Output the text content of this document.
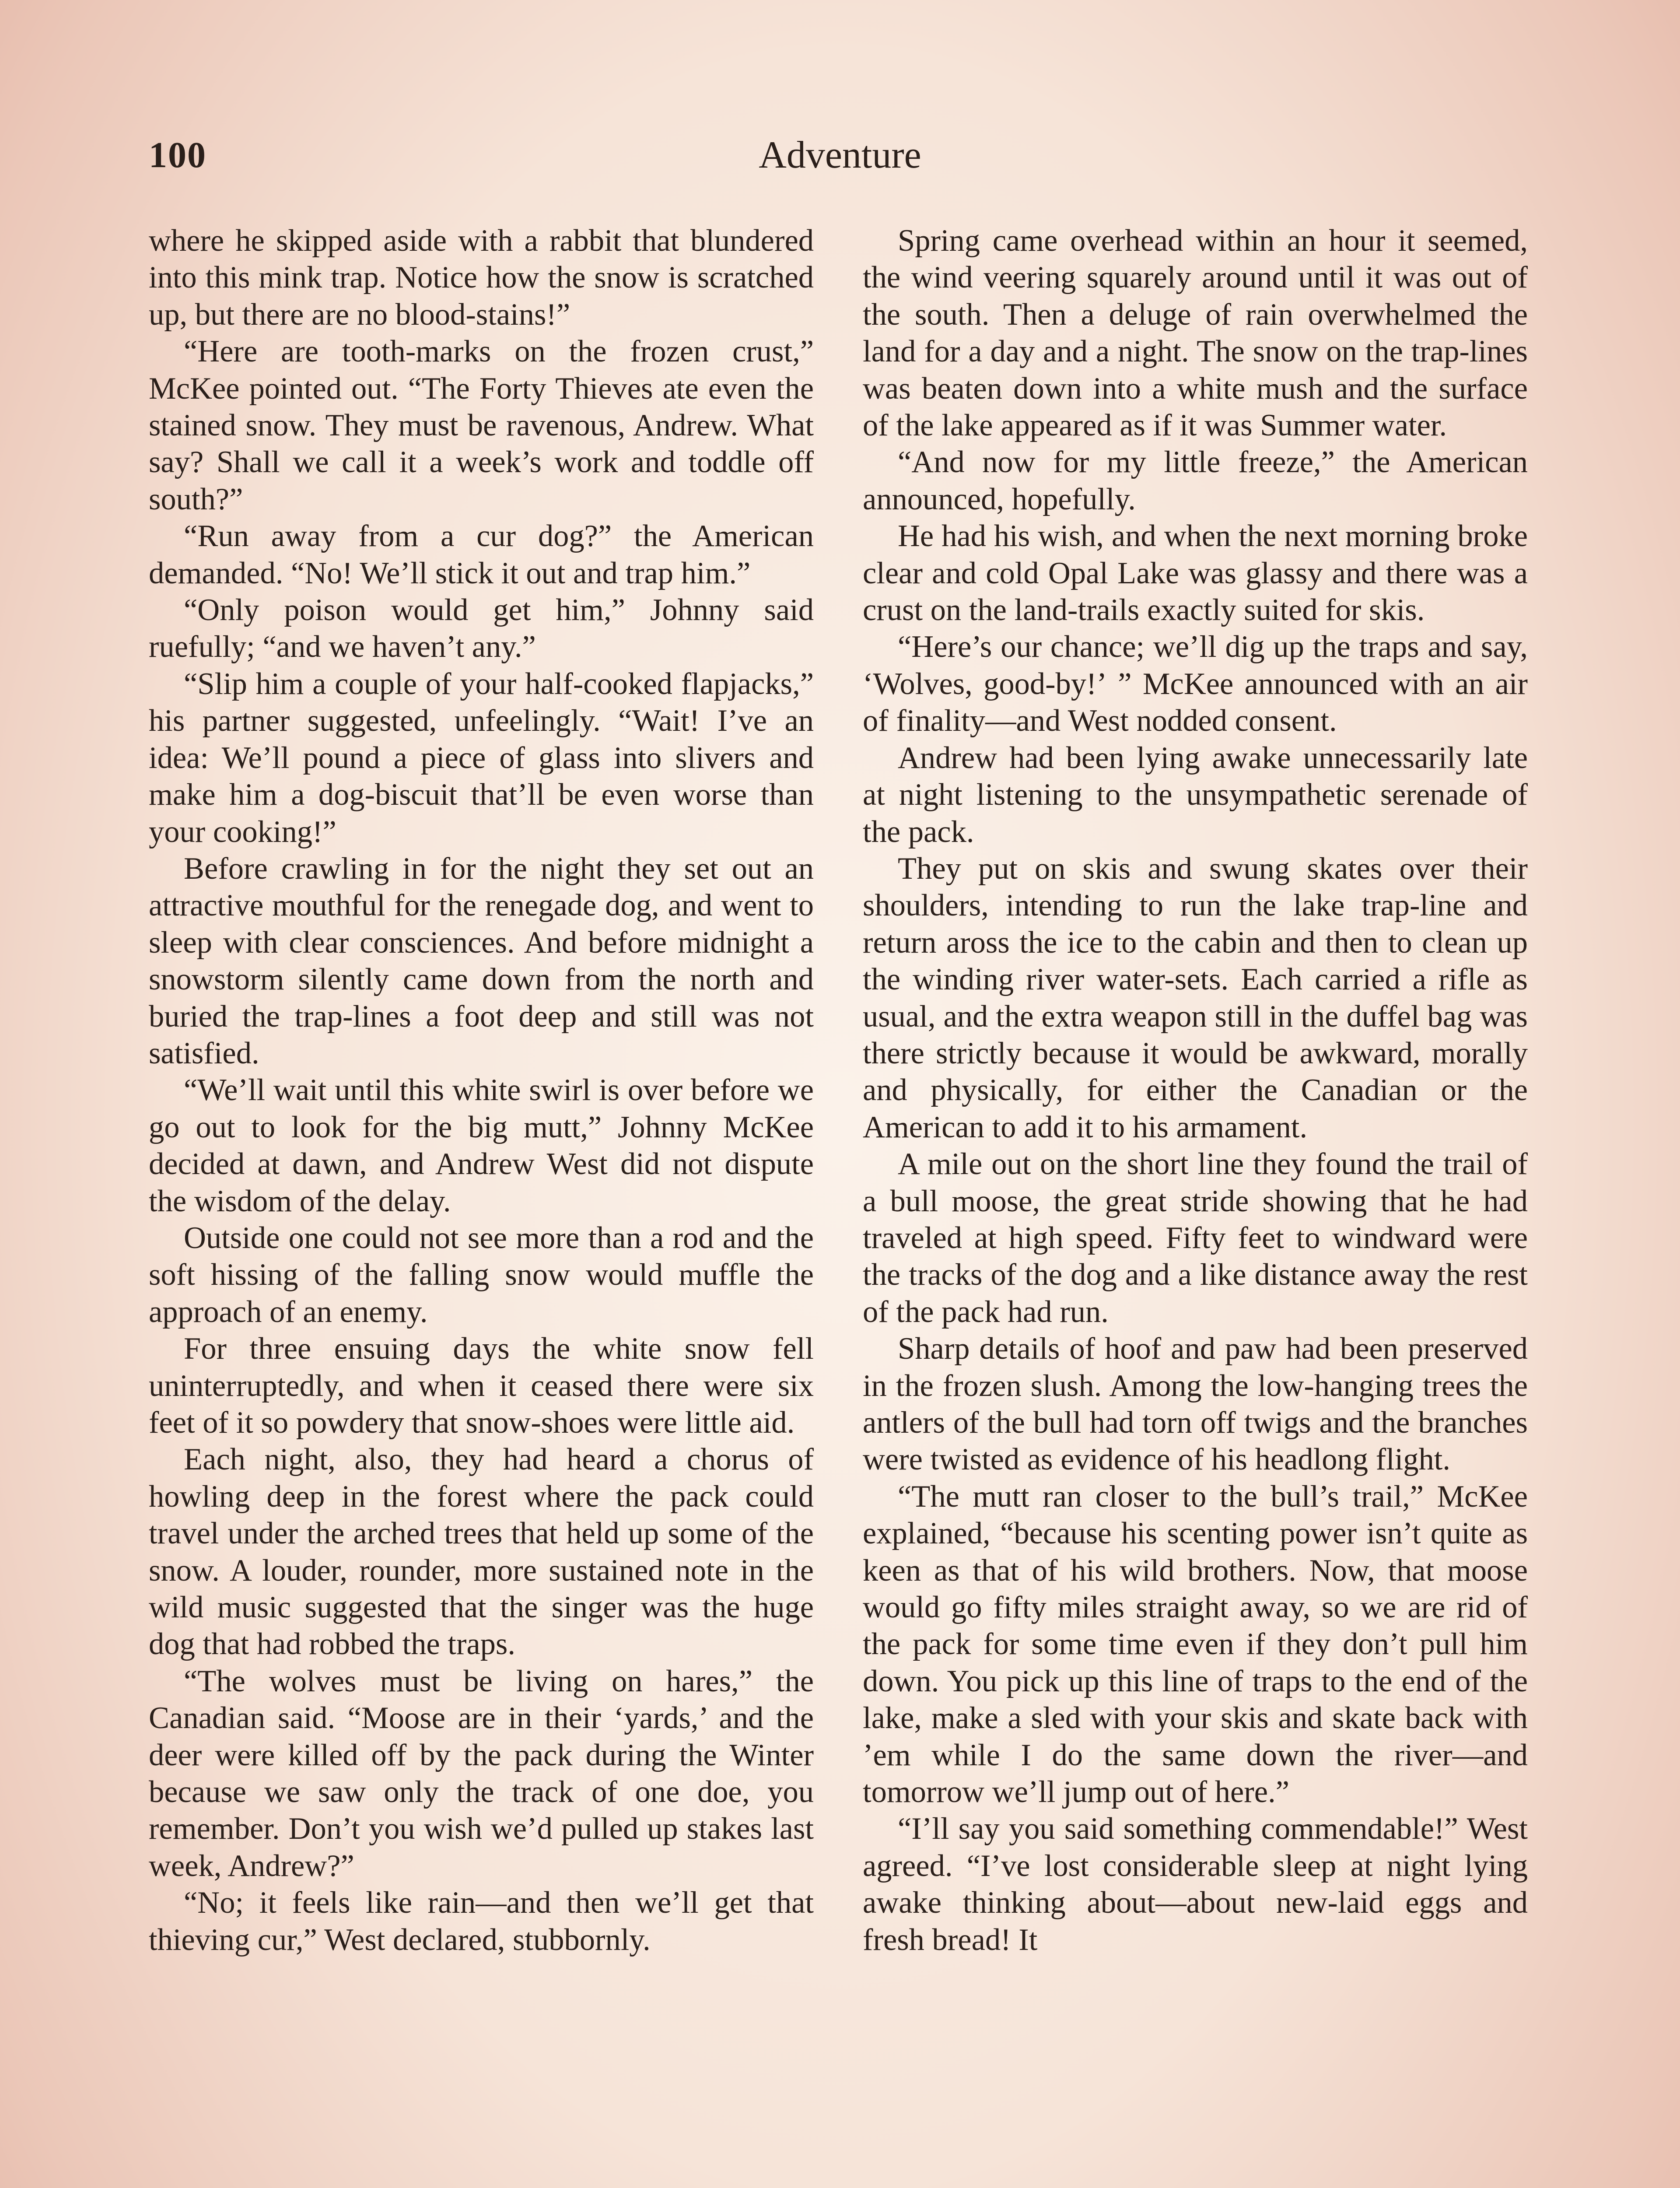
100	Adventure

where he skipped aside with a rabbit that blundered into this mink trap. Notice how the snow is scratched up, but there are no blood-stains!”

“Here are tooth-marks on the frozen crust,” McKee pointed out. “The Forty Thieves ate even the stained snow. They must be ravenous, Andrew. What say? Shall we call it a week’s work and toddle off south?”

“Run away from a cur dog?” the American demanded. “No! We’ll stick it out and trap him.”

“Only poison would get him,” Johnny said ruefully; “and we haven’t any.”

“Slip him a couple of your half-cooked flapjacks,” his partner suggested, unfeelingly. “Wait! I’ve an idea: We’ll pound a piece of glass into slivers and make him a dog-biscuit that’ll be even worse than your cooking!”

Before crawling in for the night they set out an attractive mouthful for the renegade dog, and went to sleep with clear consciences. And before midnight a snowstorm silently came down from the north and buried the trap-lines a foot deep and still was not satisfied.

“We’ll wait until this white swirl is over before we go out to look for the big mutt,” Johnny McKee decided at dawn, and Andrew West did not dispute the wisdom of the delay.

Outside one could not see more than a rod and the soft hissing of the falling snow would muffle the approach of an enemy.

For three ensuing days the white snow fell uninterruptedly, and when it ceased there were six feet of it so powdery that snow-shoes were little aid.

Each night, also, they had heard a chorus of howling deep in the forest where the pack could travel under the arched trees that held up some of the snow. A louder, rounder, more sustained note in the wild music suggested that the singer was the huge dog that had robbed the traps.

“The wolves must be living on hares,” the Canadian said. “Moose are in their ‘yards,’ and the deer were killed off by the pack during the Winter because we saw only the track of one doe, you remember. Don’t you wish we’d pulled up stakes last week, Andrew?”

“No; it feels like rain—and then we’ll get that thieving cur,” West declared, stubbornly.

Spring came overhead within an hour it seemed, the wind veering squarely around until it was out of the south. Then a deluge of rain overwhelmed the land for a day and a night. The snow on the trap-lines was beaten down into a white mush and the surface of the lake appeared as if it was Summer water.

“And now for my little freeze,” the American announced, hopefully.

He had his wish, and when the next morning broke clear and cold Opal Lake was glassy and there was a crust on the land-trails exactly suited for skis.

“Here’s our chance; we’ll dig up the traps and say, ‘Wolves, good-by!’ ” McKee announced with an air of finality—and West nodded consent.

Andrew had been lying awake unnecessarily late at night listening to the unsympathetic serenade of the pack.

They put on skis and swung skates over their shoulders, intending to run the lake trap-line and return aross the ice to the cabin and then to clean up the winding river water-sets. Each carried a rifle as usual, and the extra weapon still in the duffel bag was there strictly because it would be awkward, morally and physically, for either the Canadian or the American to add it to his armament.

A mile out on the short line they found the trail of a bull moose, the great stride showing that he had traveled at high speed. Fifty feet to windward were the tracks of the dog and a like distance away the rest of the pack had run.

Sharp details of hoof and paw had been preserved in the frozen slush. Among the low-hanging trees the antlers of the bull had torn off twigs and the branches were twisted as evidence of his headlong flight.

“The mutt ran closer to the bull’s trail,” McKee explained, “because his scenting power isn’t quite as keen as that of his wild brothers. Now, that moose would go fifty miles straight away, so we are rid of the pack for some time even if they don’t pull him down. You pick up this line of traps to the end of the lake, make a sled with your skis and skate back with ’em while I do the same down the river—and tomorrow we’ll jump out of here.”

“I’ll say you said something commendable!” West agreed. “I’ve lost considerable sleep at night lying awake thinking about—about new-laid eggs and fresh bread! It
